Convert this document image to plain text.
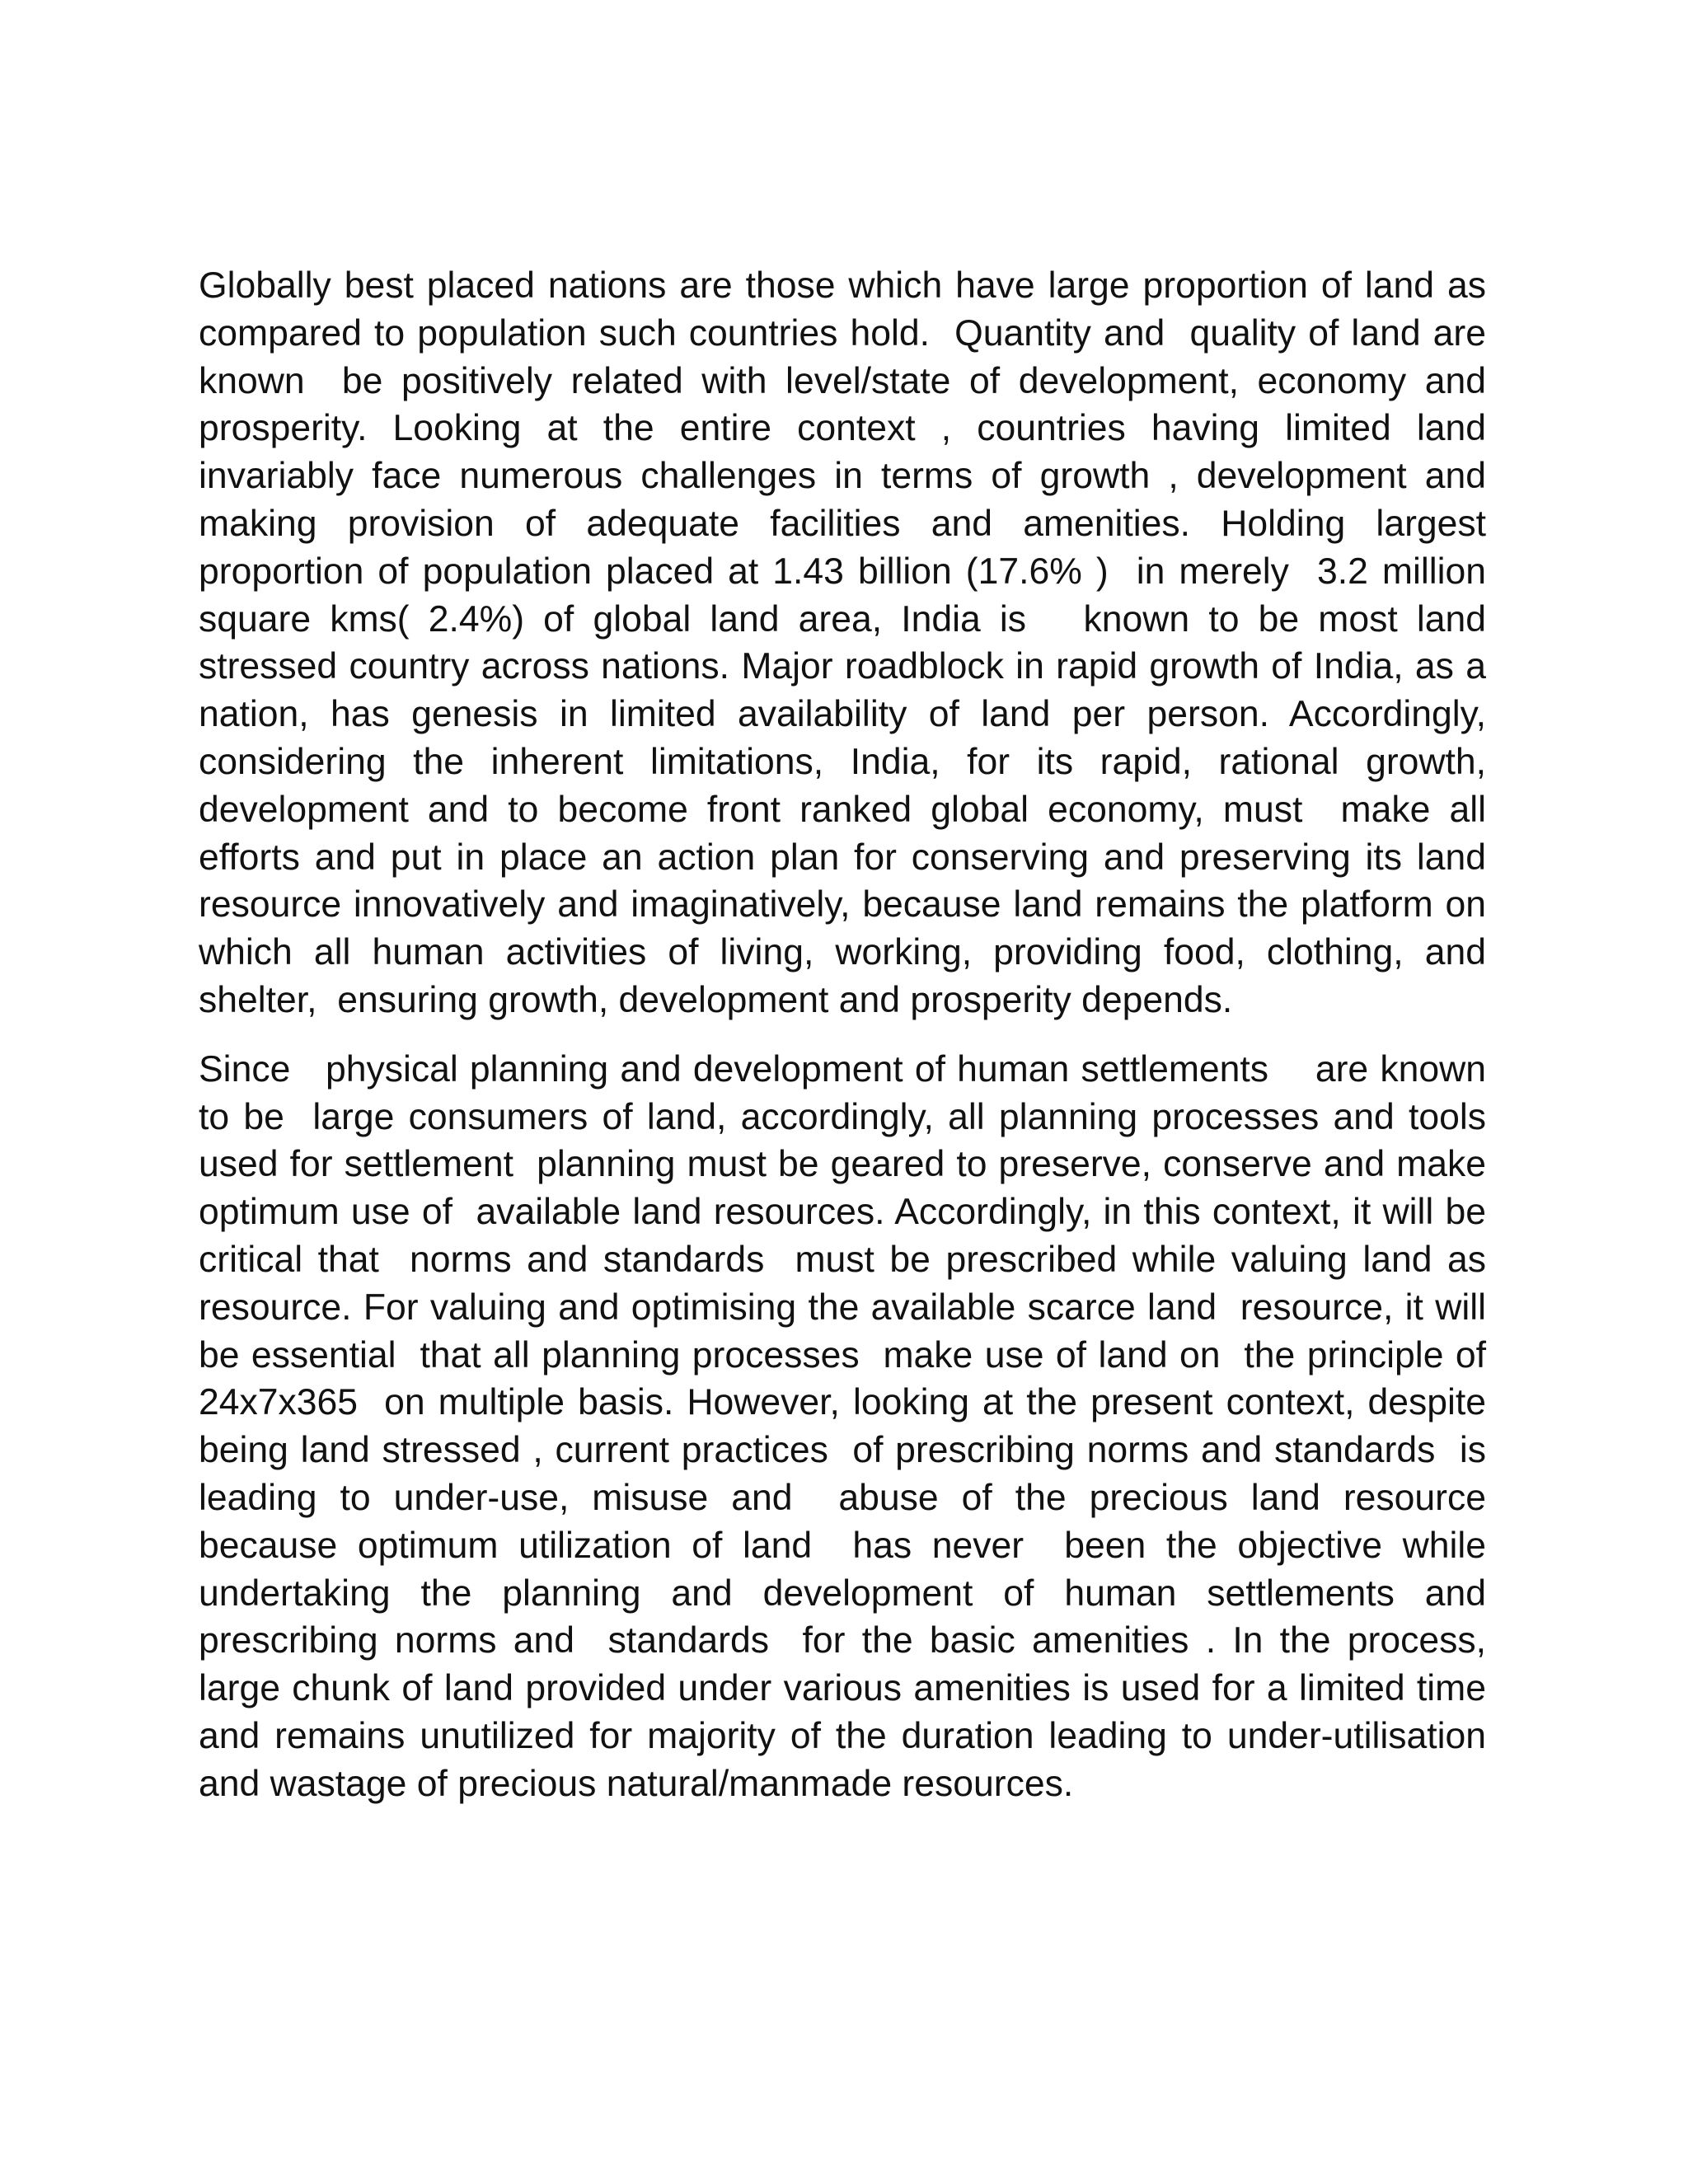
Globally best placed nations are those which have large proportion of land as compared to population such countries hold.  Quantity and  quality of land are known  be positively related with level/state of development, economy and prosperity. Looking at the entire context , countries having limited land invariably face numerous challenges in terms of growth , development and making provision of adequate facilities and amenities. Holding largest proportion of population placed at 1.43 billion (17.6% )  in merely  3.2 million square kms( 2.4%) of global land area, India is   known to be most land stressed country across nations. Major roadblock in rapid growth of India, as a nation, has genesis in limited availability of land per person. Accordingly, considering the inherent limitations, India, for its rapid, rational growth,  development and to become front ranked global economy, must  make all efforts and put in place an action plan for conserving and preserving its land resource innovatively and imaginatively, because land remains the platform on which all human activities of living, working, providing food, clothing, and shelter,  ensuring growth, development and prosperity depends.

Since   physical planning and development of human settlements    are known to be  large consumers of land, accordingly, all planning processes and tools used for settlement  planning must be geared to preserve, conserve and make optimum use of  available land resources. Accordingly, in this context, it will be critical that  norms and standards  must be prescribed while valuing land as resource. For valuing and optimising the available scarce land  resource, it will be essential  that all planning processes  make use of land on  the principle of 24x7x365  on multiple basis. However, looking at the present context, despite being land stressed , current practices  of prescribing norms and standards  is leading to under-use, misuse and  abuse of the precious land resource because optimum utilization of land  has never  been the objective while undertaking the planning and development of human settlements and prescribing norms and  standards  for the basic amenities . In the process, large chunk of land provided under various amenities is used for a limited time and remains unutilized for majority of the duration leading to under-utilisation and wastage of precious natural/manmade resources.
